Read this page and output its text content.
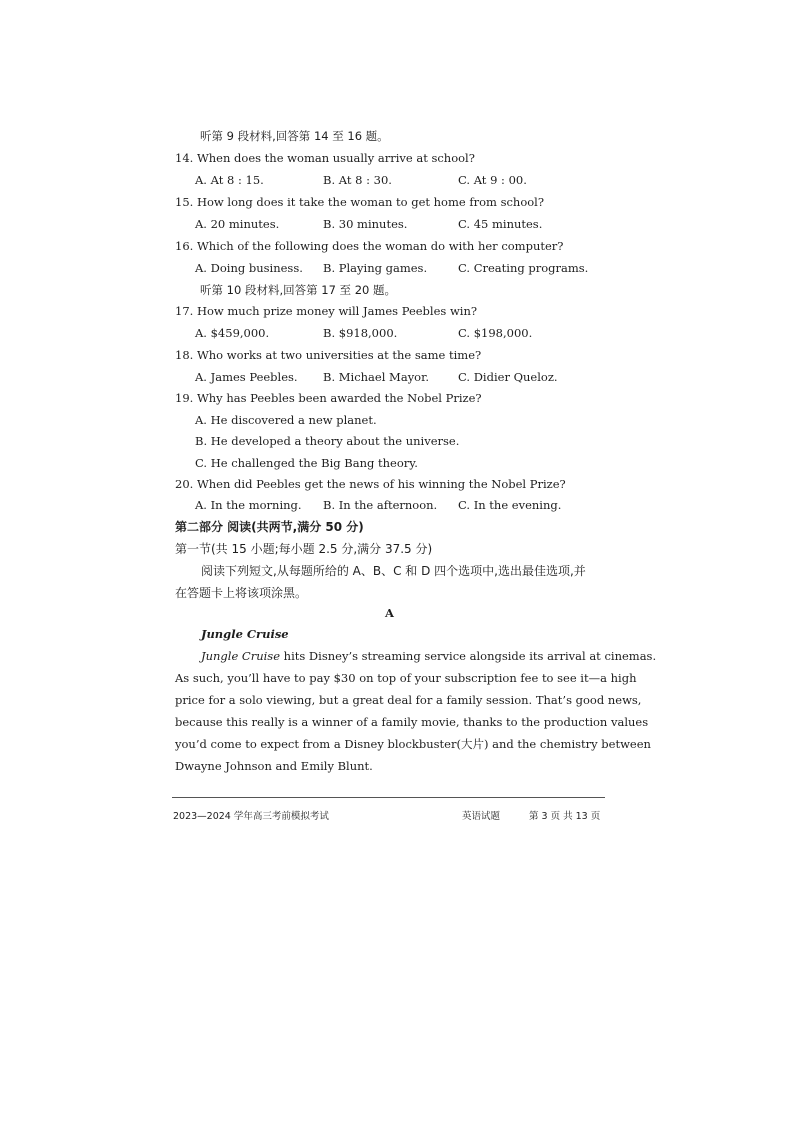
听第 9 段材料,回答第 14 至 16 题。
14. When does the woman usually arrive at school?
A. At 8 : 15.	B. At 8 : 30.	C. At 9 : 00.
15. How long does it take the woman to get home from school?
A. 20 minutes.	B. 30 minutes.	C. 45 minutes.
16. Which of the following does the woman do with her computer?
A. Doing business. B. Playing games.	C. Creating programs.
听第 10 段材料,回答第 17 至 20 题。
17. How much prize money will James Peebles win?
A. $459,000.	B. $918,000.	C. $198,000.
18. Who works at two universities at the same time?
A. James Peebles. B. Michael Mayor.	C. Didier Queloz.
19. Why has Peebles been awarded the Nobel Prize?
A. He discovered a new planet.
B. He developed a theory about the universe.
C. He challenged the Big Bang theory.
20. When did Peebles get the news of his winning the Nobel Prize?
A. In the morning. B. In the afternoon. C. In the evening.
第二部分 阅读(共两节,满分 50 分)
第一节(共 15 小题;每小题 2.5 分,满分 37.5 分)
阅读下列短文,从每题所给的 A、B、C 和 D 四个选项中,选出最佳选项,并
在答题卡上将该项涂黑。
A
Jungle Cruise
Jungle Cruise hits Disney’s streaming service alongside its arrival at cinemas.
As such, you’ll have to pay $30 on top of your subscription fee to see it—a high
price for a solo viewing, but a great deal for a family session. That’s good news,
because this really is a winner of a family movie, thanks to the production values
you’d come to expect from a Disney blockbuster(大片) and the chemistry between
Dwayne Johnson and Emily Blunt.
2023—2024 学年高三考前模拟考试	英语试题	第 3 页 共 13 页
